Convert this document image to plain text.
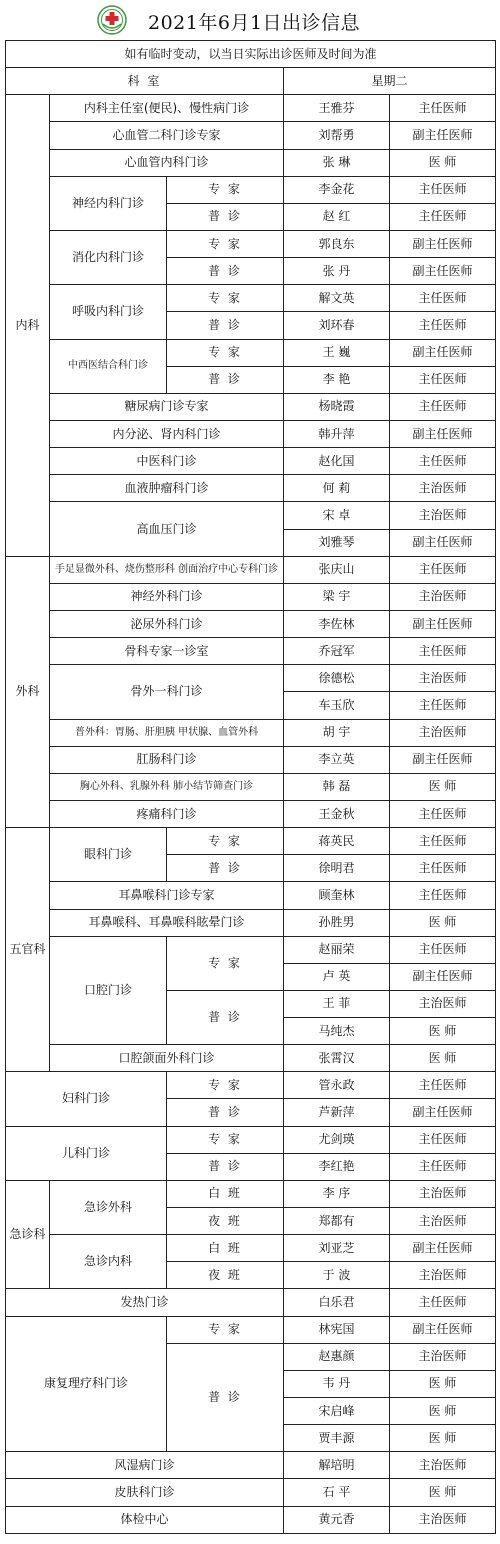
2021年6月1日出诊信息
如有临时变动，以当日实际出诊医师及时间为准				
科 室			星期二	
内科	内科主任室(便民)、慢性病门诊		王雅芬	主任医师
	心血管二科门诊专家		刘帮勇	副主任医师
	心血管内科门诊		张 琳	医 师
	神经内科门诊	专 家	李金花	主任医师
		普 诊	赵 红	主任医师
	消化内科门诊	专 家	郭良东	副主任医师
		普 诊	张 丹	副主任医师
	呼吸内科门诊	专 家	解文英	主任医师
		普 诊	刘环春	主任医师
	中西医结合科门诊	专 家	王 巍	副主任医师
		普 诊	李 艳	主任医师
	糖尿病门诊专家		杨晓霞	主任医师
	内分泌、肾内科门诊		韩升萍	副主任医师
	中医科门诊		赵化国	主任医师
	血液肿瘤科门诊		何 莉	主治医师
	高血压门诊		宋 卓	主治医师
			刘雅琴	副主任医师
外科	手足显微外科、烧伤整形科 创面治疗中心专科门诊		张庆山	主任医师
	神经外科门诊		梁 宇	主治医师
	泌尿外科门诊		李佐林	副主任医师
	骨科专家一诊室		乔冠军	主任医师
	骨外一科门诊		徐德松	主治医师
			车玉欣	主任医师
	普外科：胃肠、肝胆胰 甲状腺、血管外科		胡 宇	主治医师
	肛肠科门诊		李立英	副主任医师
	胸心外科、乳腺外科 肺小结节筛查门诊		韩 磊	医 师
	疼痛科门诊		王金秋	主任医师
五官科	眼科门诊	专 家	蒋英民	主任医师
		普 诊	徐明君	主任医师
	耳鼻喉科门诊专家		顾奎林	主任医师
	耳鼻喉科、耳鼻喉科眩晕门诊		孙胜男	医 师
	口腔门诊	专 家	赵丽荣	主任医师
			卢 英	副主任医师
		普 诊	王 菲	主治医师
			马纯杰	医 师
	口腔颌面外科门诊		张霄汉	医 师
妇科门诊		专 家	管永政	主任医师
		普 诊	芦新萍	副主任医师
儿科门诊		专 家	尤剑瑛	主任医师
		普 诊	李红艳	主任医师
急诊科	急诊外科	白 班	李 序	主治医师
		夜 班	郑都有	主治医师
	急诊内科	白 班	刘亚芝	副主任医师
		夜 班	于 波	主治医师
发热门诊			白乐君	主任医师
康复理疗科门诊		专 家	林宪国	副主任医师
		普 诊	赵惠颜	主治医师
			韦 丹	医 师
			宋启峰	医 师
			贾丰源	医 师
风湿病门诊			解培明	主治医师
皮肤科门诊			石 平	医 师
体检中心			黄元香	主治医师
